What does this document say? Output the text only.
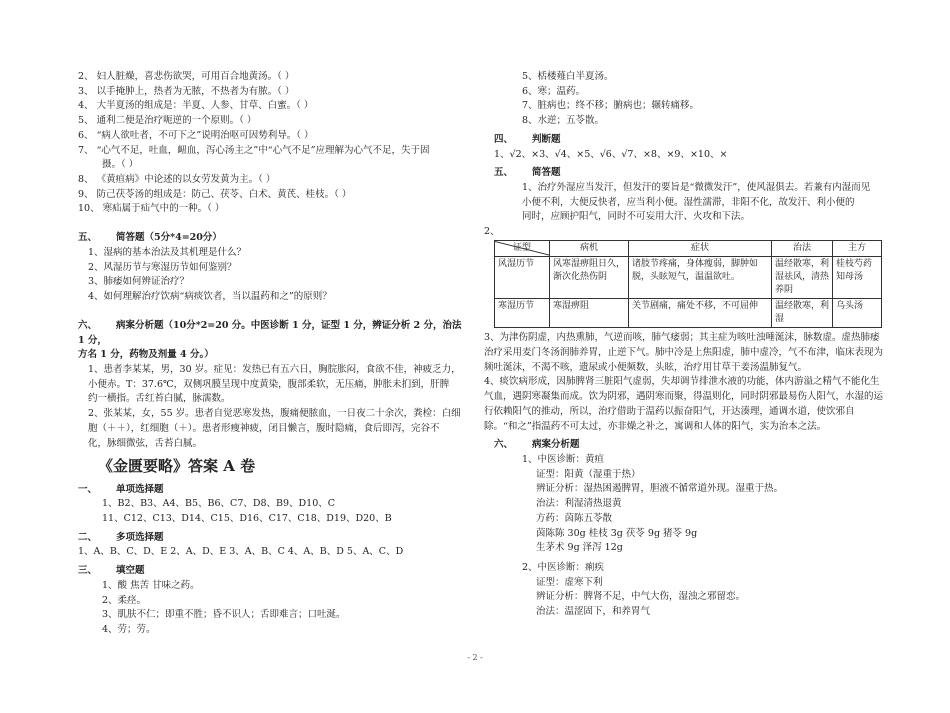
2、 妇人脏燥，喜悲伤欲哭，可用百合地黄汤。（ ）
3、 以手掩肿上，热者为无脓，不热者为有脓。（ ）
4、 大半夏汤的组成是：半夏、人参、甘草、白蜜。（ ）
5、 通利二便是治疗呃逆的一个原则。（ ）
6、 “病人欲吐者，不可下之”说明治呕可因势利导。（ ）
7、 “心气不足，吐血，衄血，泻心汤主之”中“心气不足”应理解为心气不足，失于固
摄。（ ）
8、 《黄疸病》中论述的以女劳发黄为主。（ ）
9、 防己茯苓汤的组成是：防己、茯苓、白术、黄芪、桂枝。（ ）
10、 寒疝属于疝气中的一种。（ ）
五、 简答题（5分*4=20分）
1、湿病的基本治法及其机理是什么？
2、风湿历节与寒湿历节如何鉴别？
3、肺痿如何辨证治疗？
4、如何理解治疗饮病“病痰饮者，当以温药和之”的原则？
六、 病案分析题（10分*2=20 分。中医诊断 1 分，证型 1 分，辨证分析 2 分，治法 1 分，
方名 1 分，药物及剂量 4 分。）
1、患者李某某，男，30 岁。症见：发热已有五六日，胸脘胀闷，食欲不佳，神疲乏力，
小便赤。T：37.6℃，双侧巩膜呈现中度黄染，腹部柔软，无压痛，肿胀未扪到，肝脾
约一横指。舌红苔白腻，脉濡数。
2、张某某，女，55 岁。患者自觉恶寒发热，腹痛便脓血，一日夜二十余次，粪检：白细
胞（＋＋），红细胞（＋）。患者形瘦神疲，闭目懒言，腹时隐痛，食后即泻，完谷不
化，脉细微弦，舌苔白腻。
《金匮要略》答案 A 卷
一、 单项选择题
1、B2、B3、A4、B5、B6、C7、D8、B9、D10、C
11、C12、C13、D14、C15、D16、C17、C18、D19、D20、B
二、 多项选择题
1、A、B、C、D、E 2、A、D、E 3、A、B、C 4、A、B、D 5、A、C、D
三、 填空题
1、酸 焦苦 甘味之药。
2、柔痉。
3、肌肤不仁；即重不胜；昏不识人；舌即难言；口吐涎。
4、劳；劳。
5、栝楼薤白半夏汤。
6、寒；温药。
7、脏病也；终不移；腑病也；辗转痛移。
8、水逆；五苓散。
四、 判断题
1、√2、×3、√4、×5、√6、√7、×8、×9、×10、×
五、 简答题
1、治疗外湿应当发汗，但发汗的要旨是“微微发汗”，使风湿俱去。若兼有内湿而见
小便不利，大便反快者，应当利小便。湿性濡滞，非阳不化，故发汗、利小便的
同时，应顾护阳气，同时不可妄用大汗、火攻和下法。
2、
证型	病机	症状	治法	主方
风湿历节	风寒湿痹阻日久，渐次化热伤阴	诸肢节疼痛，身体瘦弱，脚肿如脱，头眩短气，温温欲吐。	温经散寒，利湿祛风，清热养阴	桂枝芍药知母汤
寒湿历节	寒湿痹阻	关节剧痛，痛处不移，不可屈伸	温经散寒，利湿	乌头汤
3、为津伤阴虚，内热熏肺，气逆而咳，肺气痿弱；其主症为咳吐浊唾涎沫，脉数虚。虚热肺痿治疗采用麦门冬汤润肺养胃，止逆下气。肺中冷是上焦阳虚，肺中虚冷，气不布津，临床表现为频吐涎沫，不渴不咳，遗尿或小便频数，头眩，治疗用甘草干姜汤温肺复气。
4、痰饮病形成，因肺脾肾三脏阳气虚弱，失却调节排泄水液的功能，体内游溢之精气不能化生气血，遇阴寒凝集而成。饮为阴邪，遇阴寒而聚，得温则化，同时阴邪最易伤人阳气，水湿的运行依赖阳气的推动，所以，治疗借助于温药以振奋阳气，开达湊理，通调水道，使饮邪自除。“和之”指温药不可太过，亦非燥之补之，寓调和人体的阳气，实为治本之法。
六、 病案分析题
1、中医诊断：黄疸
证型：阳黄（湿重于热）
辨证分析：湿热困遏脾胃，胆液不循常道外现。湿重于热。
治法：利湿清热退黄
方药：茵陈五苓散
茵陈陈 30g 桂枝 3g 茯苓 9g 猪苓 9g
生茅术 9g 泽泻 12g
2、中医诊断：痢疾
证型：虚寒下利
辨证分析：脾肾不足，中气大伤，湿浊之邪留恋。
治法：温涩固下，和养胃气
- 2 -
